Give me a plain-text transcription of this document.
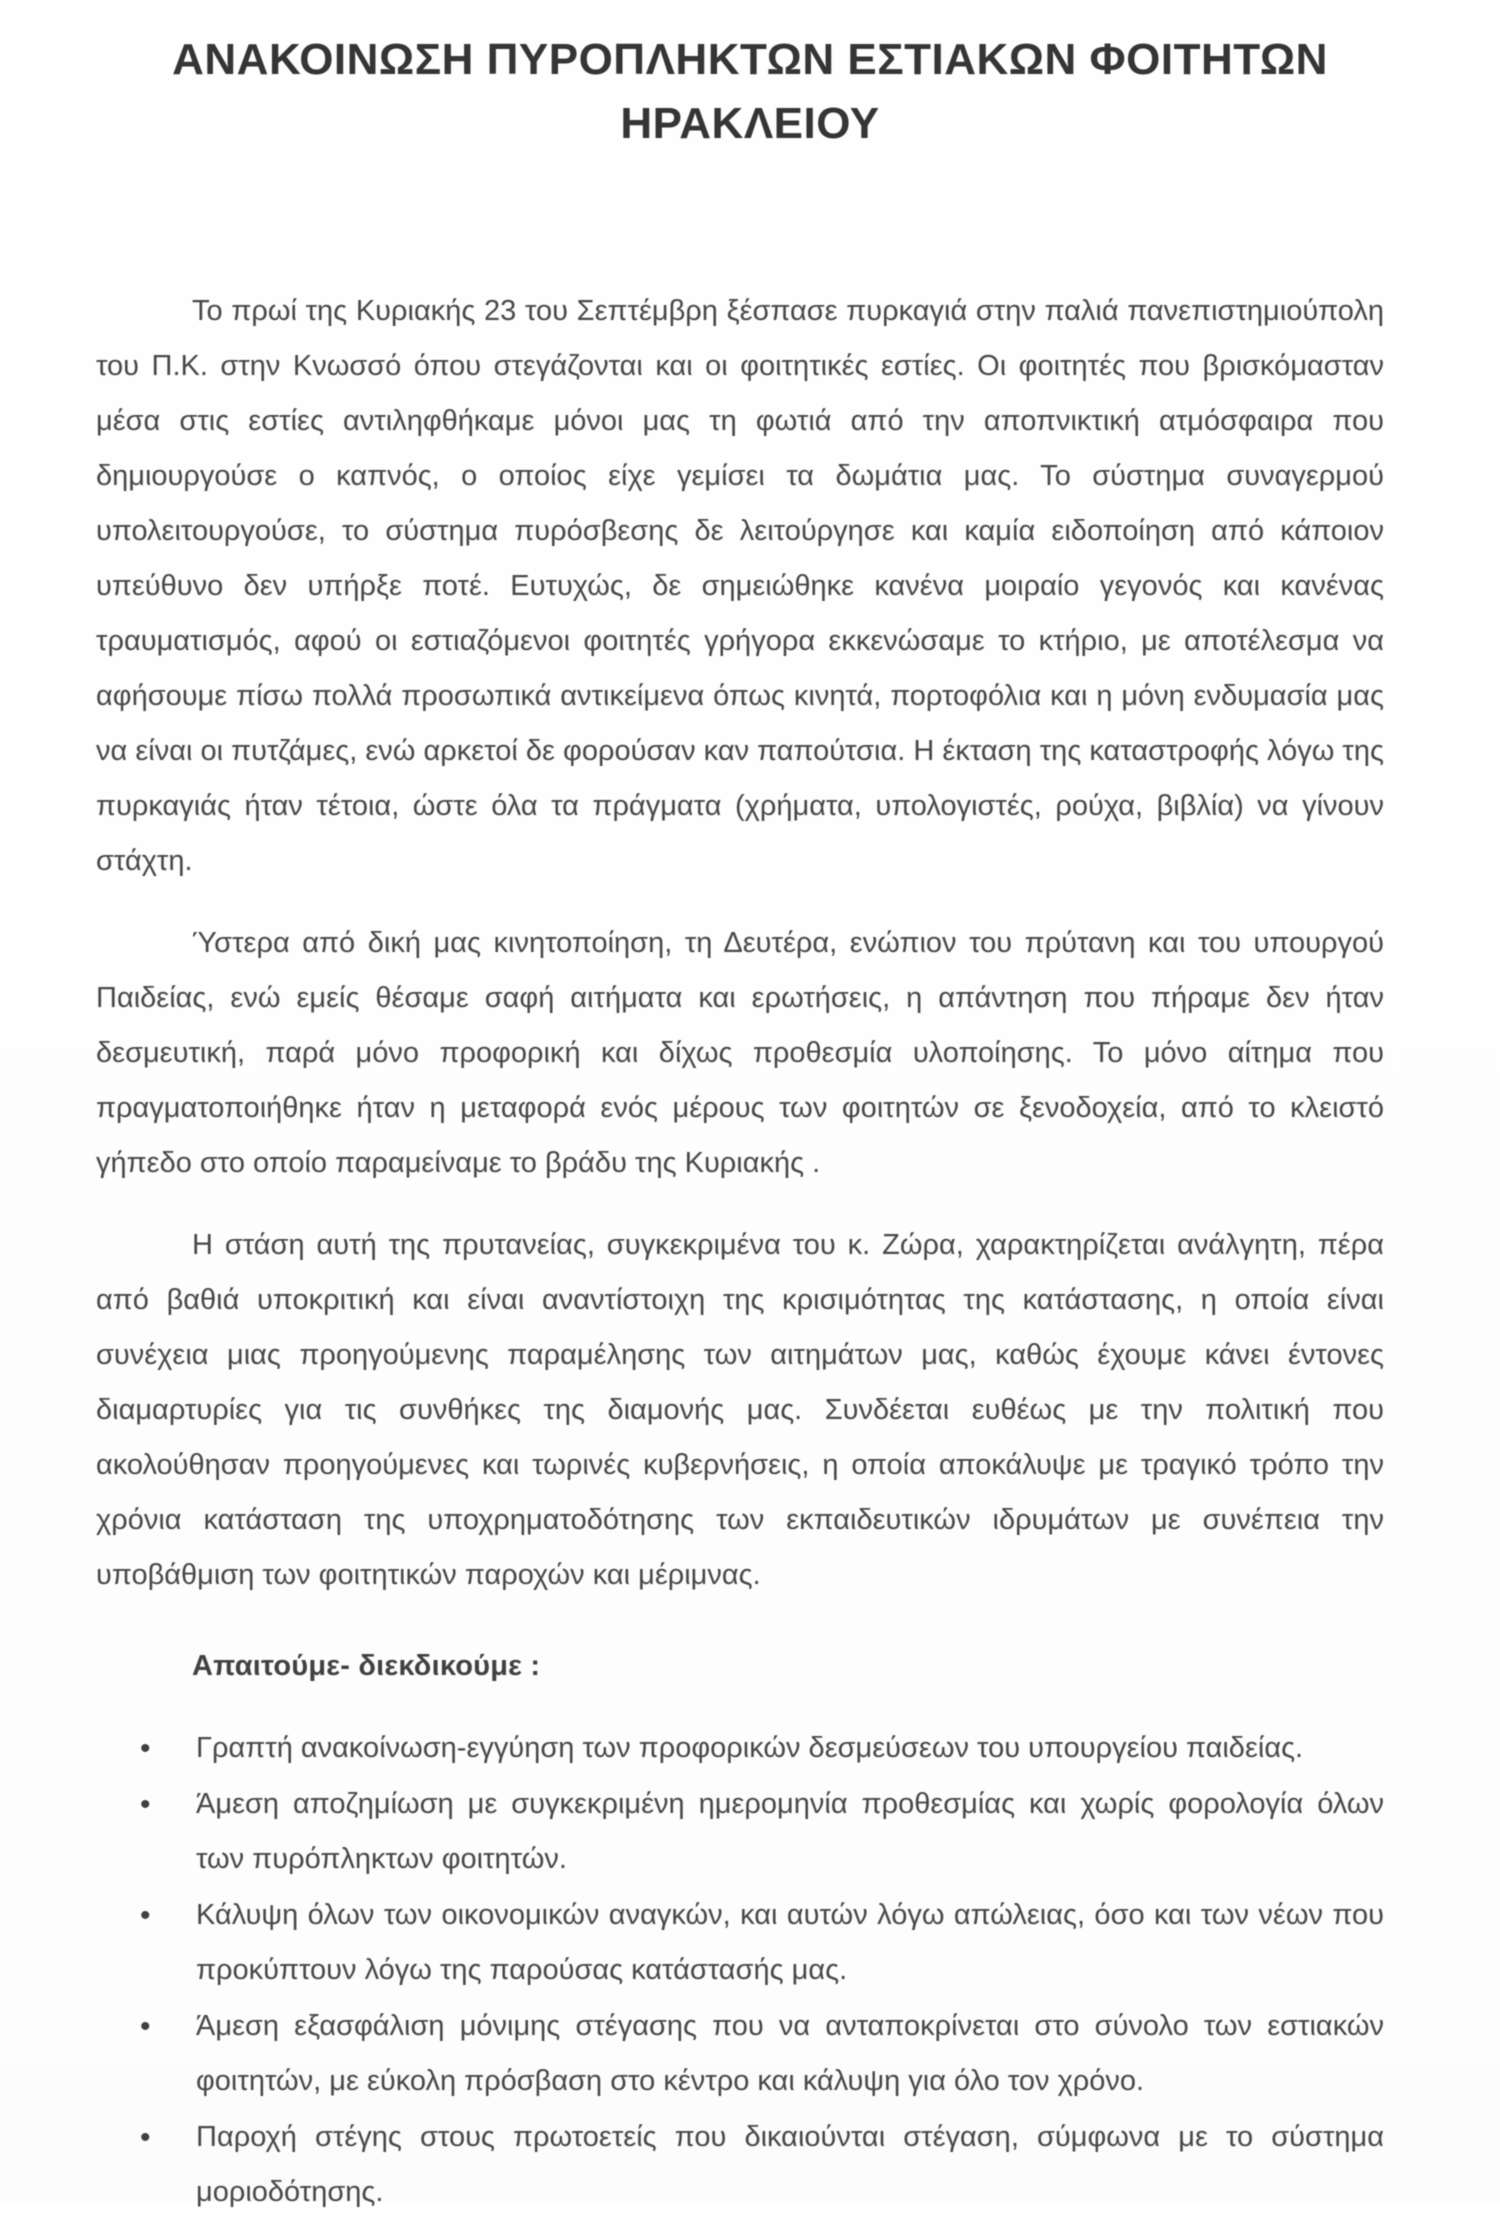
ΑΝΑΚΟΙΝΩΣΗ ΠΥΡΟΠΛΗΚΤΩΝ ΕΣΤΙΑΚΩΝ ΦΟΙΤΗΤΩΝ
ΗΡΑΚΛΕΙΟΥ

Το πρωί της Κυριακής 23 του Σεπτέμβρη ξέσπασε πυρκαγιά στην παλιά πανεπιστημιούπολη του Π.Κ. στην Κνωσσό όπου στεγάζονται και οι φοιτητικές εστίες. Οι φοιτητές που βρισκόμασταν μέσα στις εστίες αντιληφθήκαμε μόνοι μας τη φωτιά από την αποπνικτική ατμόσφαιρα που δημιουργούσε ο καπνός, ο οποίος είχε γεμίσει τα δωμάτια μας. Το σύστημα συναγερμού υπολειτουργούσε, το σύστημα πυρόσβεσης δε λειτούργησε και καμία ειδοποίηση από κάποιον υπεύθυνο δεν υπήρξε ποτέ. Ευτυχώς, δε σημειώθηκε κανένα μοιραίο γεγονός και κανένας τραυματισμός, αφού οι εστιαζόμενοι φοιτητές γρήγορα εκκενώσαμε το κτήριο, με αποτέλεσμα να αφήσουμε πίσω πολλά προσωπικά αντικείμενα όπως κινητά, πορτοφόλια και η μόνη ενδυμασία μας να είναι οι πυτζάμες, ενώ αρκετοί δε φορούσαν καν παπούτσια. Η έκταση της καταστροφής λόγω της πυρκαγιάς ήταν τέτοια, ώστε όλα τα πράγματα (χρήματα, υπολογιστές, ρούχα, βιβλία) να γίνουν στάχτη.

Ύστερα από δική μας κινητοποίηση, τη Δευτέρα, ενώπιον του πρύτανη και του υπουργού Παιδείας, ενώ εμείς θέσαμε σαφή αιτήματα και ερωτήσεις, η απάντηση που πήραμε δεν ήταν δεσμευτική, παρά μόνο προφορική και δίχως προθεσμία υλοποίησης. Το μόνο αίτημα που πραγματοποιήθηκε ήταν η μεταφορά ενός μέρους των φοιτητών σε ξενοδοχεία, από το κλειστό γήπεδο στο οποίο παραμείναμε το βράδυ της Κυριακής .

Η στάση αυτή της πρυτανείας, συγκεκριμένα του κ. Ζώρα, χαρακτηρίζεται ανάλγητη, πέρα από βαθιά υποκριτική και είναι αναντίστοιχη της κρισιμότητας της κατάστασης, η οποία είναι συνέχεια μιας προηγούμενης παραμέλησης των αιτημάτων μας, καθώς έχουμε κάνει έντονες διαμαρτυρίες για τις συνθήκες της διαμονής μας. Συνδέεται ευθέως με την πολιτική που ακολούθησαν προηγούμενες και τωρινές κυβερνήσεις, η οποία αποκάλυψε με τραγικό τρόπο την χρόνια κατάσταση της υποχρηματοδότησης των εκπαιδευτικών ιδρυμάτων με συνέπεια την υποβάθμιση των φοιτητικών παροχών και μέριμνας.

Απαιτούμε- διεκδικούμε :

•	Γραπτή ανακοίνωση-εγγύηση των προφορικών δεσμεύσεων του υπουργείου παιδείας.
•	Άμεση αποζημίωση με συγκεκριμένη ημερομηνία προθεσμίας και χωρίς φορολογία όλων των πυρόπληκτων φοιτητών.
•	Κάλυψη όλων των οικονομικών αναγκών, και αυτών λόγω απώλειας, όσο και των νέων που προκύπτουν λόγω της παρούσας κατάστασής μας.
•	Άμεση εξασφάλιση μόνιμης στέγασης που να ανταποκρίνεται στο σύνολο των εστιακών φοιτητών, με εύκολη πρόσβαση στο κέντρο και κάλυψη για όλο τον χρόνο.
•	Παροχή στέγης στους πρωτοετείς που δικαιούνται στέγαση, σύμφωνα με το σύστημα μοριοδότησης.
